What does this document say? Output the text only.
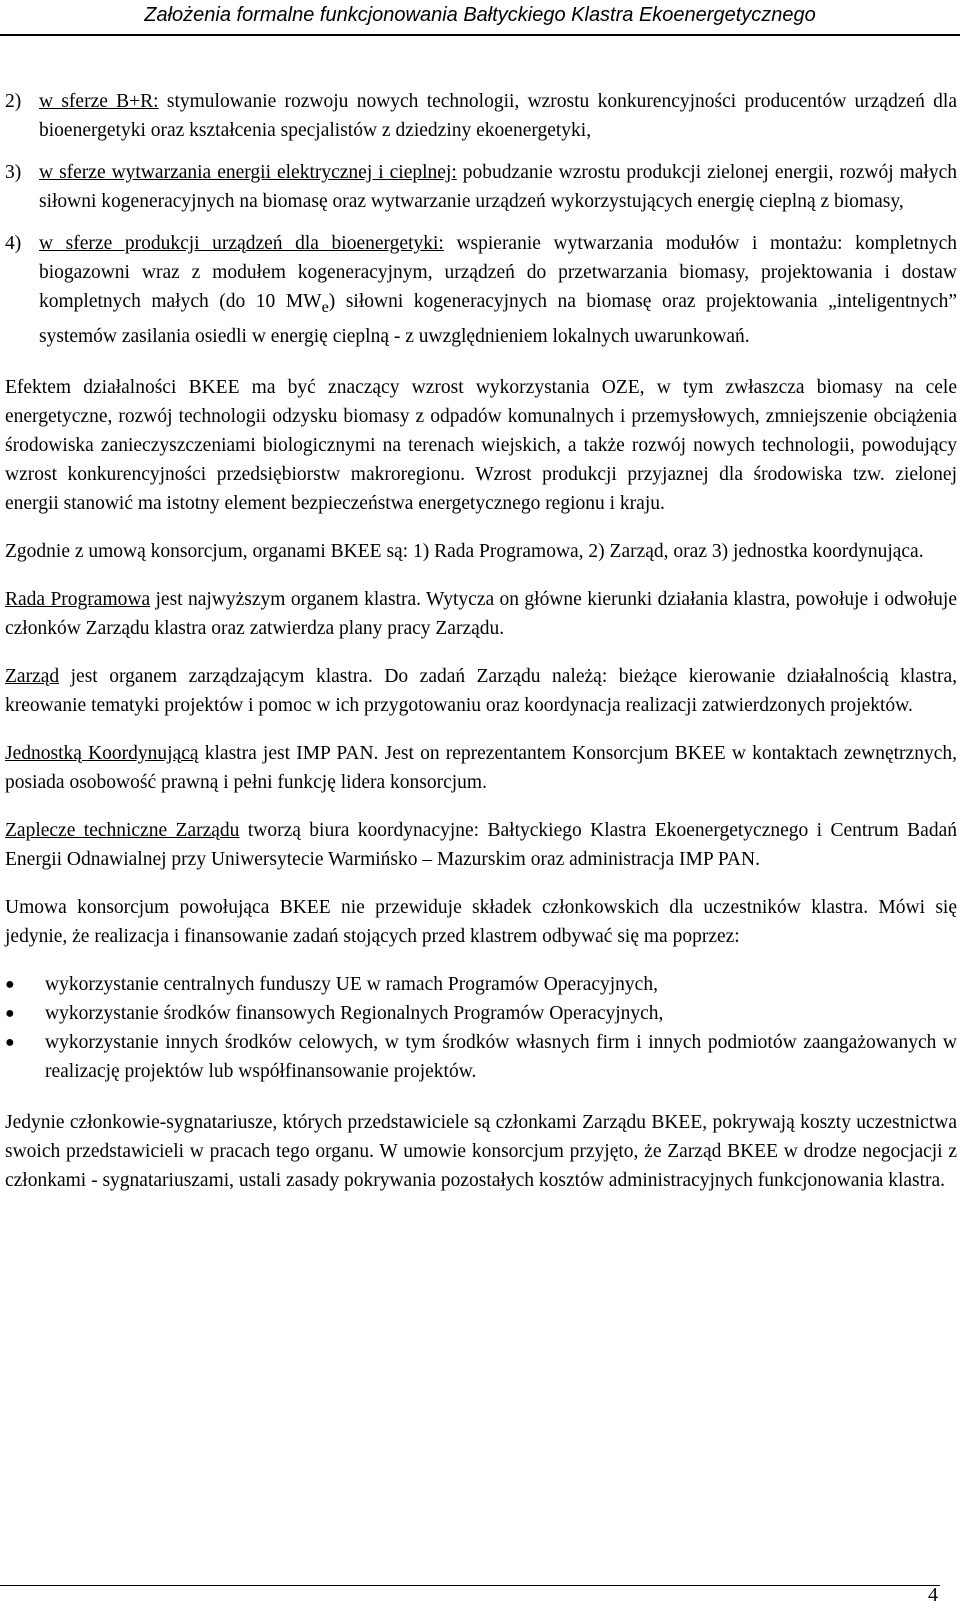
Założenia formalne funkcjonowania Bałtyckiego Klastra Ekoenergetycznego
2) w sferze B+R: stymulowanie rozwoju nowych technologii, wzrostu konkurencyjności producentów urządzeń dla bioenergetyki oraz kształcenia specjalistów z dziedziny ekoenergetyki,
3) w sferze wytwarzania energii elektrycznej i cieplnej: pobudzanie wzrostu produkcji zielonej energii, rozwój małych siłowni kogeneracyjnych na biomasę oraz wytwarzanie urządzeń wykorzystujących energię cieplną z biomasy,
4) w sferze produkcji urządzeń dla bioenergetyki: wspieranie wytwarzania modułów i montażu: kompletnych biogazowni wraz z modułem kogeneracyjnym, urządzeń do przetwarzania biomasy, projektowania i dostaw kompletnych małych (do 10 $MW_e$) siłowni kogeneracyjnych na biomasę oraz projektowania „inteligentnych” systemów zasilania osiedli w energię cieplną - z uwzględnieniem lokalnych uwarunkowań.

Efektem działalności BKEE ma być znaczący wzrost wykorzystania OZE, w tym zwłaszcza biomasy na cele energetyczne, rozwój technologii odzysku biomasy z odpadów komunalnych i przemysłowych, zmniejszenie obciążenia środowiska zanieczyszczeniami biologicznymi na terenach wiejskich, a także rozwój nowych technologii, powodujący wzrost konkurencyjności przedsiębiorstw makroregionu. Wzrost produkcji przyjaznej dla środowiska tzw. zielonej energii stanowić ma istotny element bezpieczeństwa energetycznego regionu i kraju.

Zgodnie z umową konsorcjum, organami BKEE są: 1) Rada Programowa, 2) Zarząd, oraz 3) jednostka koordynująca.

Rada Programowa jest najwyższym organem klastra. Wytycza on główne kierunki działania klastra, powołuje i odwołuje członków Zarządu klastra oraz zatwierdza plany pracy Zarządu.

Zarząd jest organem zarządzającym klastra. Do zadań Zarządu należą: bieżące kierowanie działalnością klastra, kreowanie tematyki projektów i pomoc w ich przygotowaniu oraz koordynacja realizacji zatwierdzonych projektów.

Jednostką Koordynującą klastra jest IMP PAN. Jest on reprezentantem Konsorcjum BKEE w kontaktach zewnętrznych, posiada osobowość prawną i pełni funkcję lidera konsorcjum.

Zaplecze techniczne Zarządu tworzą biura koordynacyjne: Bałtyckiego Klastra Ekoenergetycznego i Centrum Badań Energii Odnawialnej przy Uniwersytecie Warmińsko – Mazurskim oraz administracja IMP PAN.

Umowa konsorcjum powołująca BKEE nie przewiduje składek członkowskich dla uczestników klastra. Mówi się jedynie, że realizacja i finansowanie zadań stojących przed klastrem odbywać się ma poprzez:

●	wykorzystanie centralnych funduszy UE w ramach Programów Operacyjnych,
●	wykorzystanie środków finansowych Regionalnych Programów Operacyjnych,
●	wykorzystanie innych środków celowych, w tym środków własnych firm i innych podmiotów zaangażowanych w realizację projektów lub współfinansowanie projektów.

Jedynie członkowie-sygnatariusze, których przedstawiciele są członkami Zarządu BKEE, pokrywają koszty uczestnictwa swoich przedstawicieli w pracach tego organu. W umowie konsorcjum przyjęto, że Zarząd BKEE w drodze negocjacji z członkami - sygnatariuszami, ustali zasady pokrywania pozostałych kosztów administracyjnych funkcjonowania klastra.

4
